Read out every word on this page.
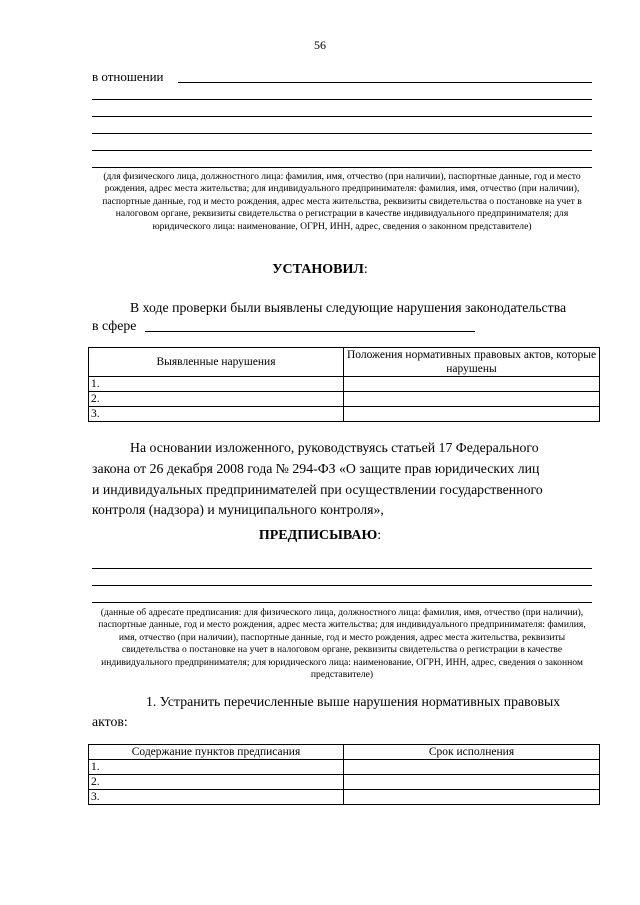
56
в отношении
(для физического лица, должностного лица: фамилия, имя, отчество (при наличии), паспортные данные, год и место рождения, адрес места жительства; для индивидуального предпринимателя: фамилия, имя, отчество (при наличии), паспортные данные, год и место рождения, адрес места жительства, реквизиты свидетельства о постановке на учет в налоговом органе, реквизиты свидетельства о регистрации в качестве индивидуального предпринимателя; для юридического лица: наименование, ОГРН, ИНН, адрес, сведения о законном представителе)
УСТАНОВИЛ:
В ходе проверки были выявлены следующие нарушения законодательства
в сфере
Выявленные нарушения	Положения нормативных правовых актов, которые нарушены
1.	
2.	
3.	
На основании изложенного, руководствуясь статьей 17 Федерального
закона от 26 декабря 2008 года № 294-ФЗ «О защите прав юридических лиц
и индивидуальных предпринимателей при осуществлении государственного
контроля (надзора) и муниципального контроля»,
ПРЕДПИСЫВАЮ:
(данные об адресате предписания: для физического лица, должностного лица: фамилия, имя, отчество (при наличии), паспортные данные, год и место рождения, адрес места жительства; для индивидуального предпринимателя: фамилия, имя, отчество (при наличии), паспортные данные, год и место рождения, адрес места жительства, реквизиты свидетельства о постановке на учет в налоговом органе, реквизиты свидетельства о регистрации в качестве индивидуального предпринимателя; для юридического лица: наименование, ОГРН, ИНН, адрес, сведения о законном представителе)
1. Устранить перечисленные выше нарушения нормативных правовых
актов:
Содержание пунктов предписания	Срок исполнения
1.	
2.	
3.	
